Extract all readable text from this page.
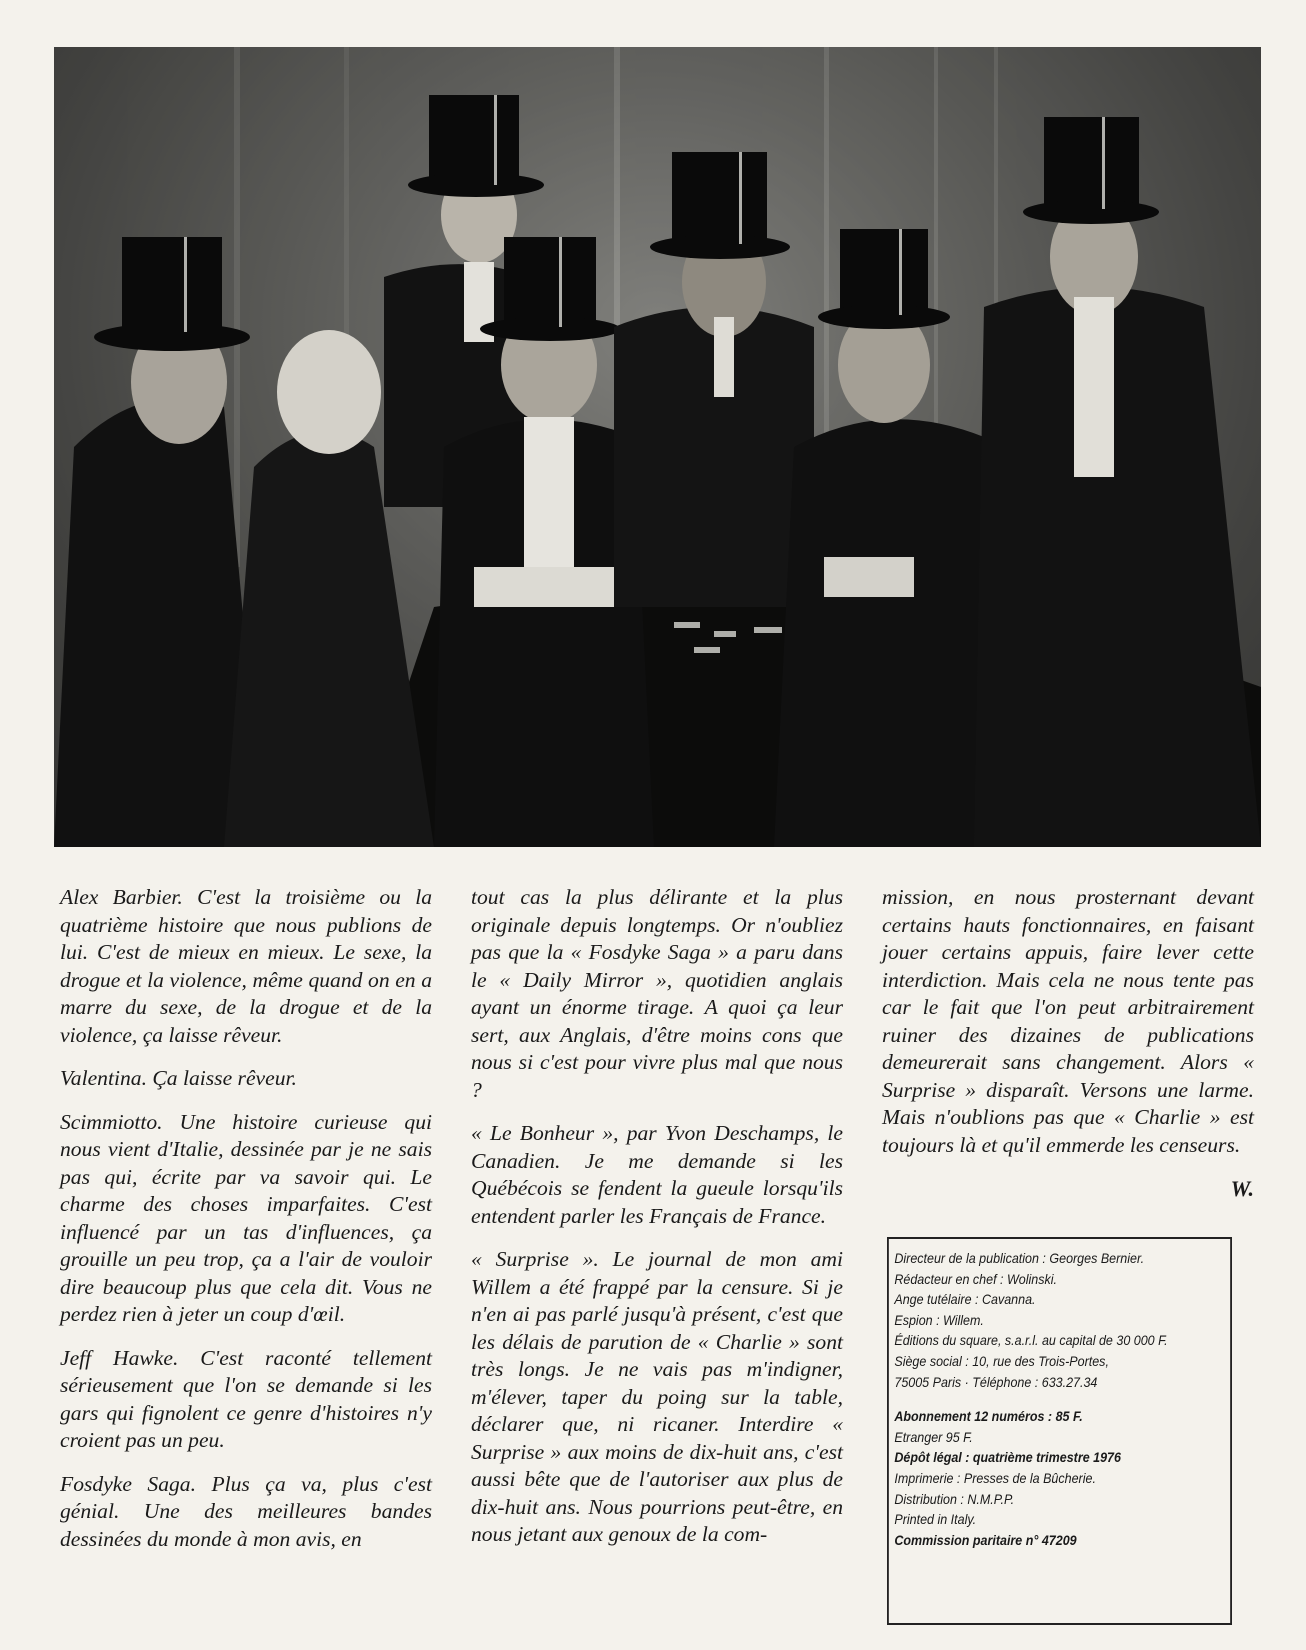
Alex Barbier. C'est la troisième ou la quatrième histoire que nous publions de lui. C'est de mieux en mieux. Le sexe, la drogue et la violence, même quand on en a marre du sexe, de la drogue et de la violence, ça laisse rêveur.

Valentina. Ça laisse rêveur.

Scimmiotto. Une histoire curieuse qui nous vient d'Italie, dessinée par je ne sais pas qui, écrite par va savoir qui. Le charme des choses imparfaites. C'est influencé par un tas d'influences, ça grouille un peu trop, ça a l'air de vouloir dire beaucoup plus que cela dit. Vous ne perdez rien à jeter un coup d'œil.

Jeff Hawke. C'est raconté tellement sérieusement que l'on se demande si les gars qui fignolent ce genre d'histoires n'y croient pas un peu.

Fosdyke Saga. Plus ça va, plus c'est génial. Une des meilleures bandes dessinées du monde à mon avis, en

tout cas la plus délirante et la plus originale depuis longtemps. Or n'oubliez pas que la « Fosdyke Saga » a paru dans le « Daily Mirror », quotidien anglais ayant un énorme tirage. A quoi ça leur sert, aux Anglais, d'être moins cons que nous si c'est pour vivre plus mal que nous ?

« Le Bonheur », par Yvon Deschamps, le Canadien. Je me demande si les Québécois se fendent la gueule lorsqu'ils entendent parler les Français de France.

« Surprise ». Le journal de mon ami Willem a été frappé par la censure. Si je n'en ai pas parlé jusqu'à présent, c'est que les délais de parution de « Charlie » sont très longs. Je ne vais pas m'indigner, m'élever, taper du poing sur la table, déclarer que, ni ricaner. Interdire « Surprise » aux moins de dix-huit ans, c'est aussi bête que de l'autoriser aux plus de dix-huit ans. Nous pourrions peut-être, en nous jetant aux genoux de la com-

mission, en nous prosternant devant certains hauts fonctionnaires, en faisant jouer certains appuis, faire lever cette interdiction. Mais cela ne nous tente pas car le fait que l'on peut arbitrairement ruiner des dizaines de publications demeurerait sans changement. Alors « Surprise » disparaît. Versons une larme. Mais n'oublions pas que « Charlie » est toujours là et qu'il emmerde les censeurs.

W.
Directeur de la publication : Georges Bernier.
Rédacteur en chef : Wolinski.
Ange tutélaire : Cavanna.
Espion : Willem.
Éditions du square, s.a.r.l. au capital de 30 000 F.
Siège social : 10, rue des Trois-Portes,
75005 Paris · Téléphone : 633.27.34
Abonnement 12 numéros : 85 F.
Etranger 95 F.
Dépôt légal : quatrième trimestre 1976
Imprimerie : Presses de la Bûcherie.
Distribution : N.M.P.P.
Printed in Italy.
Commission paritaire n° 47209
